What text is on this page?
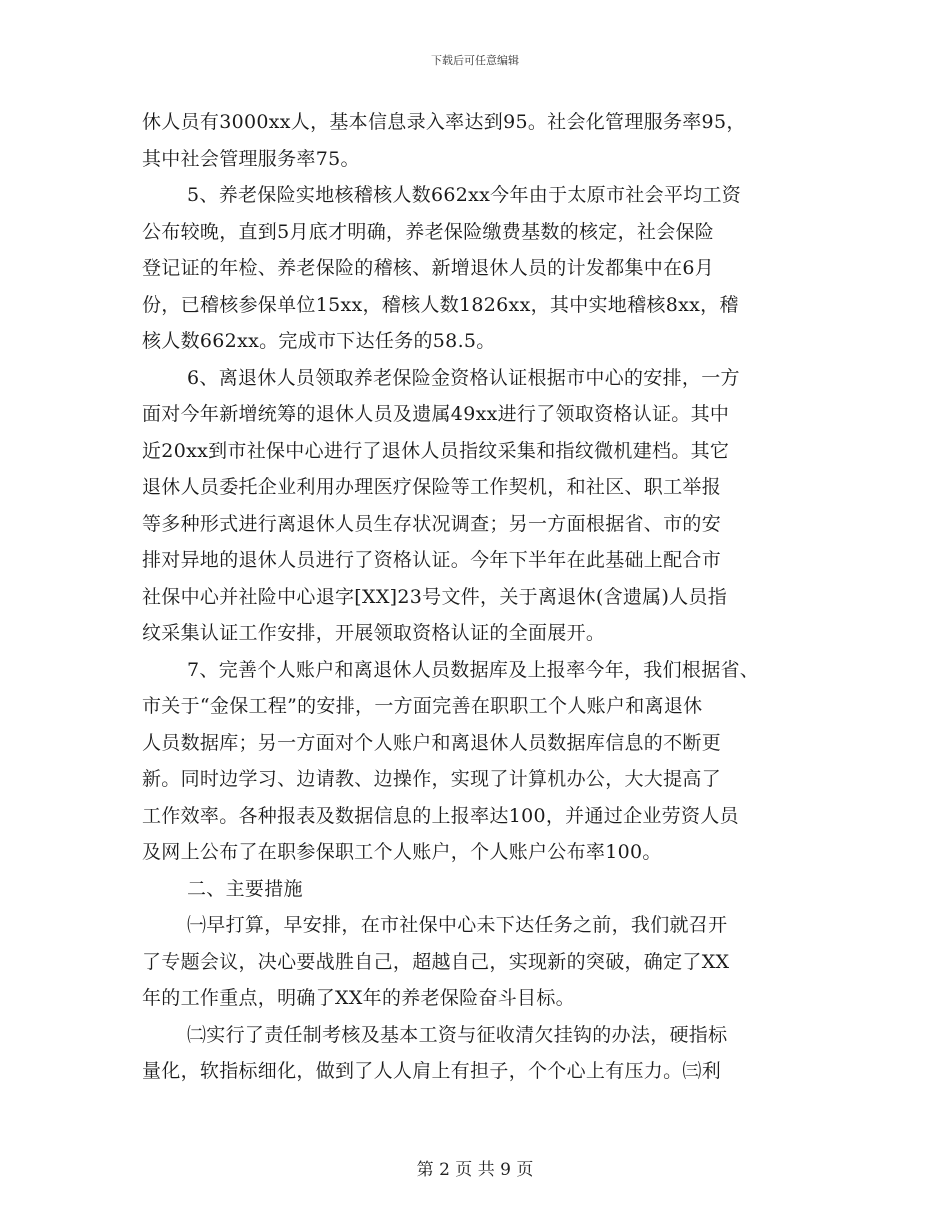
下载后可任意编辑
休人员有3000xx人，基本信息录入率达到95。社会化管理服务率95，
其中社会管理服务率75。
5、养老保险实地核稽核人数662xx今年由于太原市社会平均工资
公布较晚，直到5月底才明确，养老保险缴费基数的核定，社会保险
登记证的年检、养老保险的稽核、新增退休人员的计发都集中在6月
份，已稽核参保单位15xx，稽核人数1826xx，其中实地稽核8xx，稽
核人数662xx。完成市下达任务的58.5。
6、离退休人员领取养老保险金资格认证根据市中心的安排，一方
面对今年新增统筹的退休人员及遗属49xx进行了领取资格认证。其中
近20xx到市社保中心进行了退休人员指纹采集和指纹微机建档。其它
退休人员委托企业利用办理医疗保险等工作契机，和社区、职工举报
等多种形式进行离退休人员生存状况调查；另一方面根据省、市的安
排对异地的退休人员进行了资格认证。今年下半年在此基础上配合市
社保中心并社险中心退字[XX]23号文件，关于离退休(含遗属)人员指
纹采集认证工作安排，开展领取资格认证的全面展开。
7、完善个人账户和离退休人员数据库及上报率今年，我们根据省、
市关于“金保工程”的安排，一方面完善在职职工个人账户和离退休
人员数据库；另一方面对个人账户和离退休人员数据库信息的不断更
新。同时边学习、边请教、边操作，实现了计算机办公，大大提高了
工作效率。各种报表及数据信息的上报率达100，并通过企业劳资人员
及网上公布了在职参保职工个人账户，个人账户公布率100。
二、主要措施
㈠早打算，早安排，在市社保中心未下达任务之前，我们就召开
了专题会议，决心要战胜自己，超越自己，实现新的突破，确定了XX
年的工作重点，明确了XX年的养老保险奋斗目标。
㈡实行了责任制考核及基本工资与征收清欠挂钩的办法，硬指标
量化，软指标细化，做到了人人肩上有担子，个个心上有压力。㈢利
第 2 页 共 9 页
